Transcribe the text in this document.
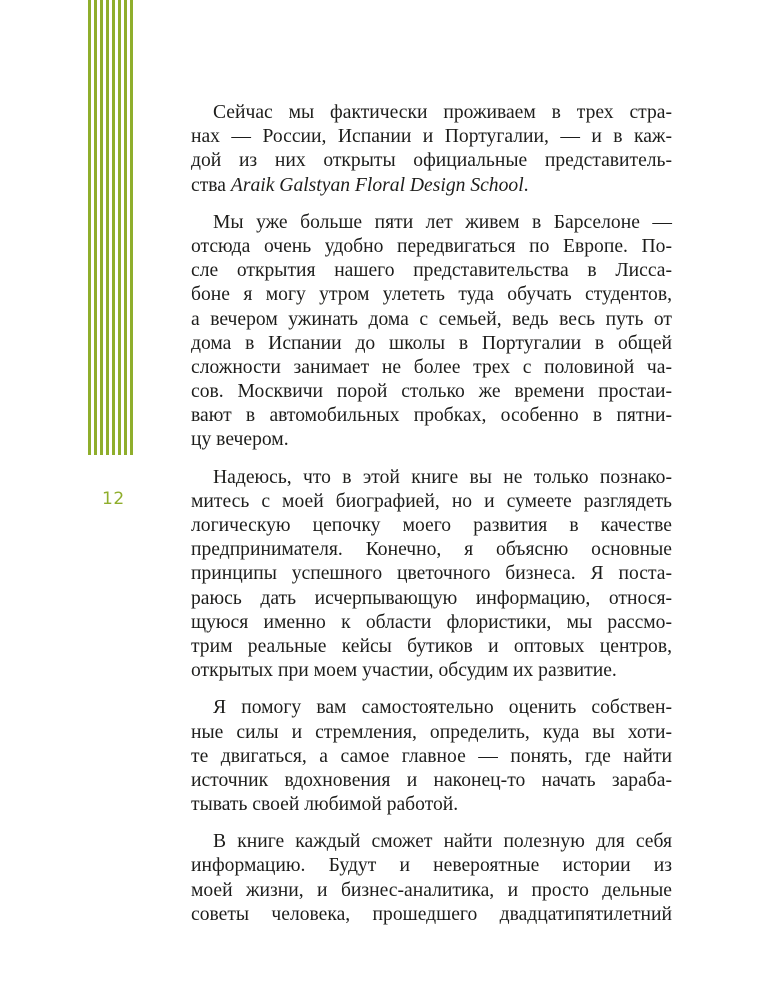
12
Сейчас мы фактически проживаем в трех стра-
нах — России, Испании и Португалии, — и в каж-
дой из них открыты официальные представитель-
ства Araik Galstyan Floral Design School.
Мы уже больше пяти лет живем в Барселоне —
отсюда очень удобно передвигаться по Европе. По-
сле открытия нашего представительства в Лисса-
боне я могу утром улететь туда обучать студентов,
а вечером ужинать дома с семьей, ведь весь путь от
дома в Испании до школы в Португалии в общей
сложности занимает не более трех с половиной ча-
сов. Москвичи порой столько же времени простаи-
вают в автомобильных пробках, особенно в пятни-
цу вечером.
Надеюсь, что в этой книге вы не только познако-
митесь с моей биографией, но и сумеете разглядеть
логическую цепочку моего развития в качестве
предпринимателя. Конечно, я объясню основные
принципы успешного цветочного бизнеса. Я поста-
раюсь дать исчерпывающую информацию, относя-
щуюся именно к области флористики, мы рассмо-
трим реальные кейсы бутиков и оптовых центров,
открытых при моем участии, обсудим их развитие.
Я помогу вам самостоятельно оценить собствен-
ные силы и стремления, определить, куда вы хоти-
те двигаться, а самое главное — понять, где найти
источник вдохновения и наконец-то начать зараба-
тывать своей любимой работой.
В книге каждый сможет найти полезную для себя
информацию. Будут и невероятные истории из
моей жизни, и бизнес-аналитика, и просто дельные
советы человека, прошедшего двадцатипятилетний
